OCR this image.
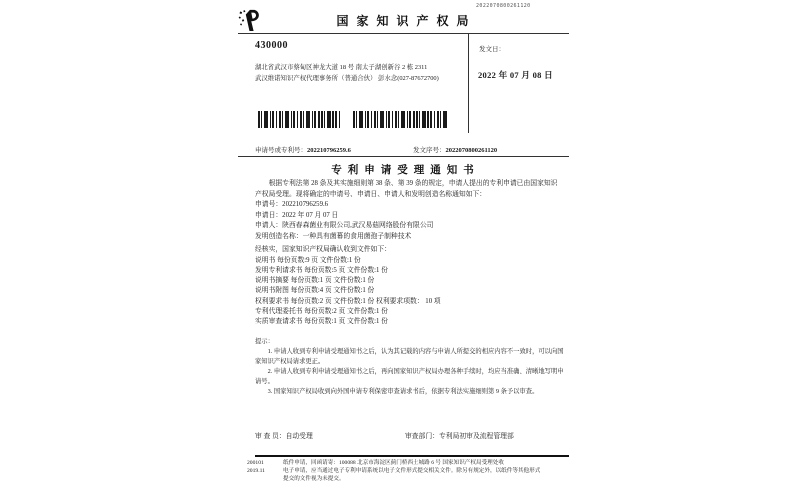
2022070800261120
国家知识产权局
430000
湖北省武汉市蔡甸区神龙大道 18 号 南太子湖创新谷 2 栋 2311
武汉维诺知识产权代理事务所（普通合伙） 彭水念(027-87672700)
发文日：
2022 年 07 月 08 日
申请号或专利号：202210796259.6	发文序号：2022070800261120
专利申请受理通知书

根据专利法第 28 条及其实施细则第 38 条、第 39 条的规定，申请人提出的专利申请已由国家知识产权局受理。现将确定的申请号、申请日、申请人和发明创造名称通知如下：

申请号：202210796259.6
申请日：2022 年 07 月 07 日
申请人：陕西春森菌业有限公司,武汉易菇网络股份有限公司
发明创造名称：一种具有菌幕的食用菌孢子制种技术
经核实，国家知识产权局确认收到文件如下：
说明书 每份页数:9 页 文件份数:1 份
发明专利请求书 每份页数:5 页 文件份数:1 份
说明书摘要 每份页数:1 页 文件份数:1 份
说明书附图 每份页数:4 页 文件份数:1 份
权利要求书 每份页数:2 页 文件份数:1 份 权利要求项数： 10 项
专利代理委托书 每份页数:2 页 文件份数:1 份
实质审查请求书 每份页数:1 页 文件份数:1 份

提示：

1. 申请人收到专利申请受理通知书之后，认为其记载的内容与申请人所提交的相应内容不一致时，可以向国家知识产权局请求更正。

2. 申请人收到专利申请受理通知书之后，再向国家知识产权局办理各种手续时，均应当准确、清晰地写明申请号。

3. 国家知识产权局收到向外国申请专利保密审查请求书后，依据专利法实施细则第 9 条予以审查。

审 查 员：自动受理	审查部门：专利局初审及流程管理部
200101	纸件申请，回函请寄：100088 北京市海淀区蓟门桥西土城路 6 号 国家知识产权局受理处收
2019.11	电子申请，应当通过电子专利申请系统以电子文件形式提交相关文件。除另有规定外，以纸件等其他形式提交的文件视为未提交。
